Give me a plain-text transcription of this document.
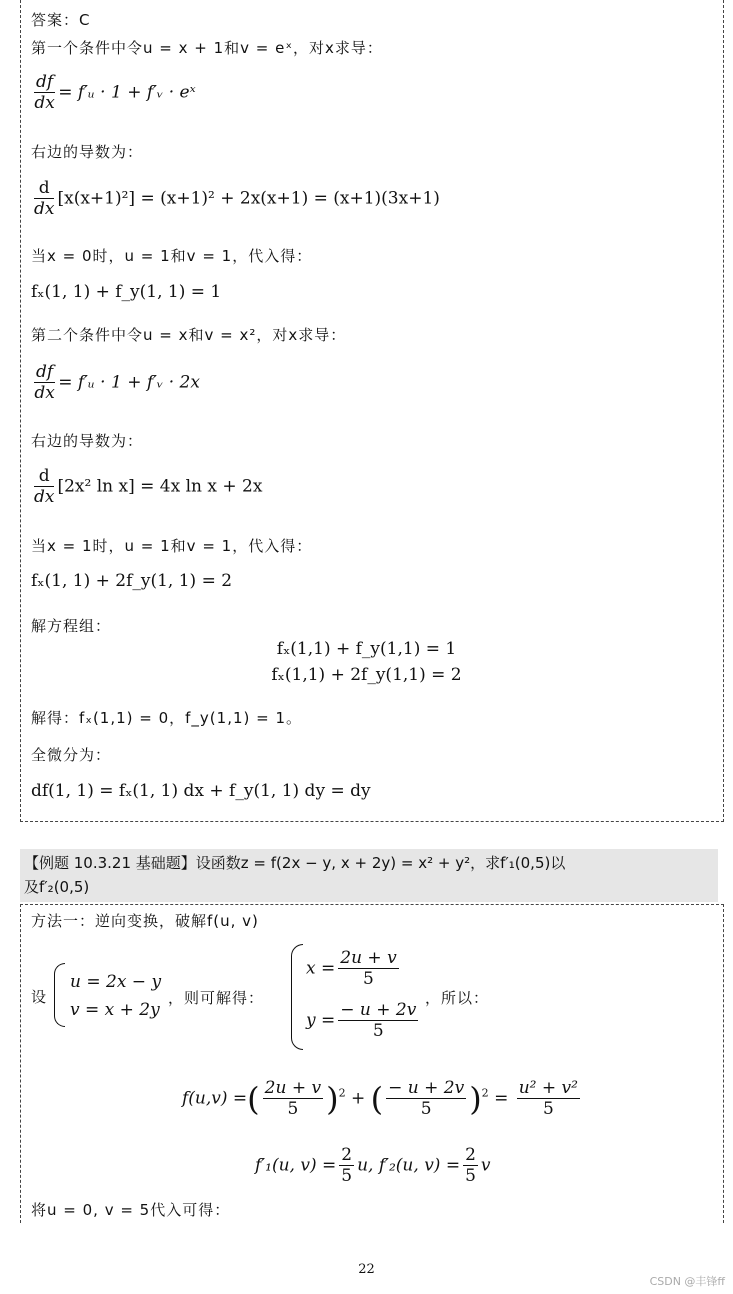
答案：C
第一个条件中令u = x + 1和v = eˣ，对x求导：
$\frac{df}{dx}$ = f′ᵤ · 1 + f′ᵥ · eˣ
右边的导数为：
$\frac{d}{dx} [x(x+1)^2] = (x+1)^2 + 2x(x+1) = (x+1)(3x+1)$
当x = 0时，u = 1和v = 1，代入得：
fₓ(1, 1) + f_y(1, 1) = 1
第二个条件中令u = x和v = x²，对x求导：
$\frac{df}{dx}$ = f′ᵤ · 1 + f′ᵥ · 2x
右边的导数为：
$\frac{d}{dx} [2x^2$ ln x] = 4x ln x + 2x
当x = 1时，u = 1和v = 1，代入得：
fₓ(1, 1) + 2f_y(1, 1) = 2
解方程组：
fₓ(1,1) + f_y(1,1) = 1
fₓ(1,1) + 2f_y(1,1) = 2
解得：fₓ(1,1) = 0，f_y(1,1) = 1。
全微分为：
df(1, 1) = fₓ(1, 1) dx + f_y(1, 1) dy = dy
【例题 10.3.21 基础题】设函数z = f(2x − y, x + 2y) = x² + y²，求f′₁(0,5)以
及f′₂(0,5)
方法一：逆向变换，破解f(u, v)
设
u = 2x − y
v = x + 2y
，则可解得：
$x = \frac{2u + v}{5}$
$y = \frac{- u + 2v}{5}$
，所以：
f(u,v) =( $\frac{2u + v}{5} )^2$ + ( $\frac{- u + 2v}{5} )^2 = \frac{\text{u² + v²}}{5}$
f′₁(u, $v) = \frac{2}{5} u$, f′₂(u, $v) = \frac{2}{5}$ v
将u = 0, v = 5代入可得：
22
CSDN @丰锋ff
